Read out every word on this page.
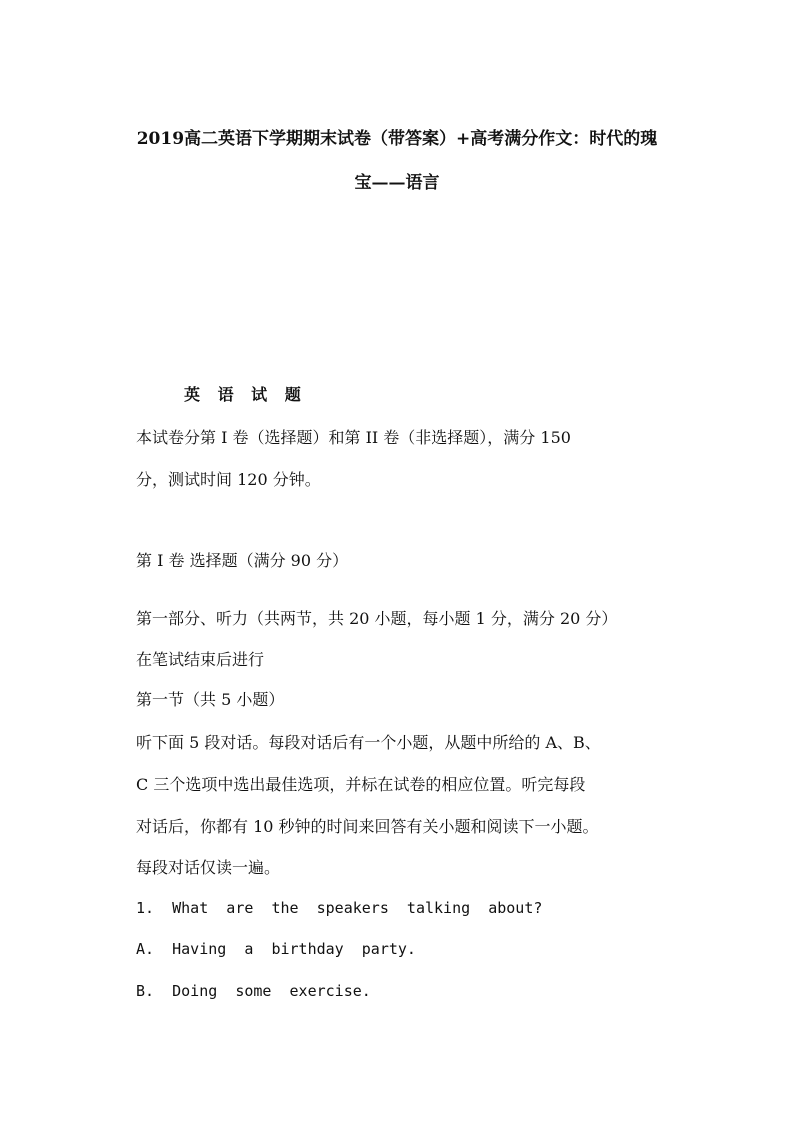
2019高二英语下学期期末试卷（带答案）+高考满分作文：时代的瑰
宝——语言
英 语 试 题
本试卷分第 I 卷（选择题）和第 II 卷（非选择题），满分 150
分，测试时间 120 分钟。
第 I 卷 选择题（满分 90 分）
第一部分、听力（共两节，共 20 小题，每小题 1 分，满分 20 分）
在笔试结束后进行
第一节（共 5 小题）
听下面 5 段对话。每段对话后有一个小题，从题中所给的 A、B、
C 三个选项中选出最佳选项，并标在试卷的相应位置。听完每段
对话后，你都有 10 秒钟的时间来回答有关小题和阅读下一小题。
每段对话仅读一遍。
1.  What  are  the  speakers  talking  about?
A.  Having  a  birthday  party.
B.  Doing  some  exercise.
